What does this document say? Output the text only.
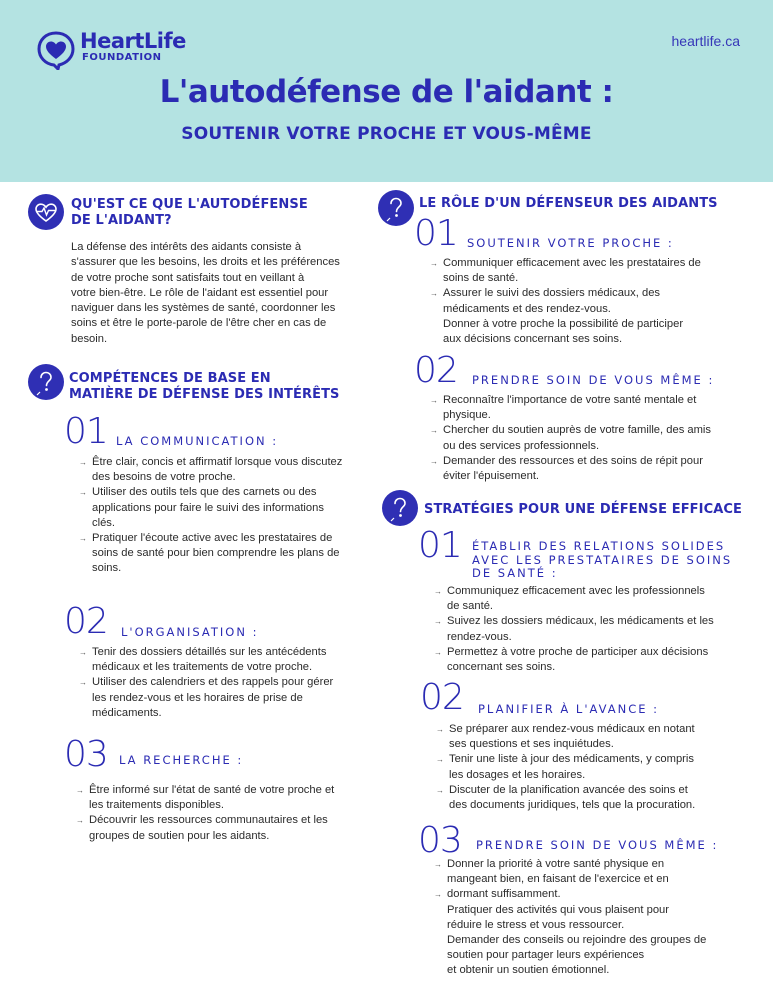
HeartLife
FOUNDATION
heartlife.ca
L'autodéfense de l'aidant :
SOUTENIR VOTRE PROCHE ET VOUS-MÊME
QU'EST CE QUE L'AUTODÉFENSE
DE L'AIDANT?
La défense des intérêts des aidants consiste à
s'assurer que les besoins, les droits et les préférences
de votre proche sont satisfaits tout en veillant à
votre bien-être. Le rôle de l'aidant est essentiel pour
naviguer dans les systèmes de santé, coordonner les
soins et être le porte-parole de l'être cher en cas de
besoin.
COMPÉTENCES DE BASE EN
MATIÈRE DE DÉFENSE DES INTÉRÊTS
01 LA COMMUNICATION :
→ Être clair, concis et affirmatif lorsque vous discutez
des besoins de votre proche.
→ Utiliser des outils tels que des carnets ou des
applications pour faire le suivi des informations
clés.
→ Pratiquer l'écoute active avec les prestataires de
soins de santé pour bien comprendre les plans de
soins.
02 L'ORGANISATION :
→ Tenir des dossiers détaillés sur les antécédents
médicaux et les traitements de votre proche.
→ Utiliser des calendriers et des rappels pour gérer
les rendez-vous et les horaires de prise de
médicaments.
03 LA RECHERCHE :
→ Être informé sur l'état de santé de votre proche et
les traitements disponibles.
→ Découvrir les ressources communautaires et les
groupes de soutien pour les aidants.
LE RÔLE D'UN DÉFENSEUR DES AIDANTS
01 SOUTENIR VOTRE PROCHE :
→ Communiquer efficacement avec les prestataires de
soins de santé.
→ Assurer le suivi des dossiers médicaux, des
médicaments et des rendez-vous.
Donner à votre proche la possibilité de participer
aux décisions concernant ses soins.
02 PRENDRE SOIN DE VOUS MÊME :
→ Reconnaître l'importance de votre santé mentale et
physique.
→ Chercher du soutien auprès de votre famille, des amis
ou des services professionnels.
→ Demander des ressources et des soins de répit pour
éviter l'épuisement.
STRATÉGIES POUR UNE DÉFENSE EFFICACE
01 ÉTABLIR DES RELATIONS SOLIDES
AVEC LES PRESTATAIRES DE SOINS
DE SANTÉ :
→ Communiquez efficacement avec les professionnels
de santé.
→ Suivez les dossiers médicaux, les médicaments et les
rendez-vous.
→ Permettez à votre proche de participer aux décisions
concernant ses soins.
02 PLANIFIER À L'AVANCE :
→ Se préparer aux rendez-vous médicaux en notant
ses questions et ses inquiétudes.
→ Tenir une liste à jour des médicaments, y compris
les dosages et les horaires.
→ Discuter de la planification avancée des soins et
des documents juridiques, tels que la procuration.
03 PRENDRE SOIN DE VOUS MÊME :
→ Donner la priorité à votre santé physique en
mangeant bien, en faisant de l'exercice et en
→ dormant suffisamment.
Pratiquer des activités qui vous plaisent pour
réduire le stress et vous ressourcer.
Demander des conseils ou rejoindre des groupes de
soutien pour partager leurs expériences
et obtenir un soutien émotionnel.
